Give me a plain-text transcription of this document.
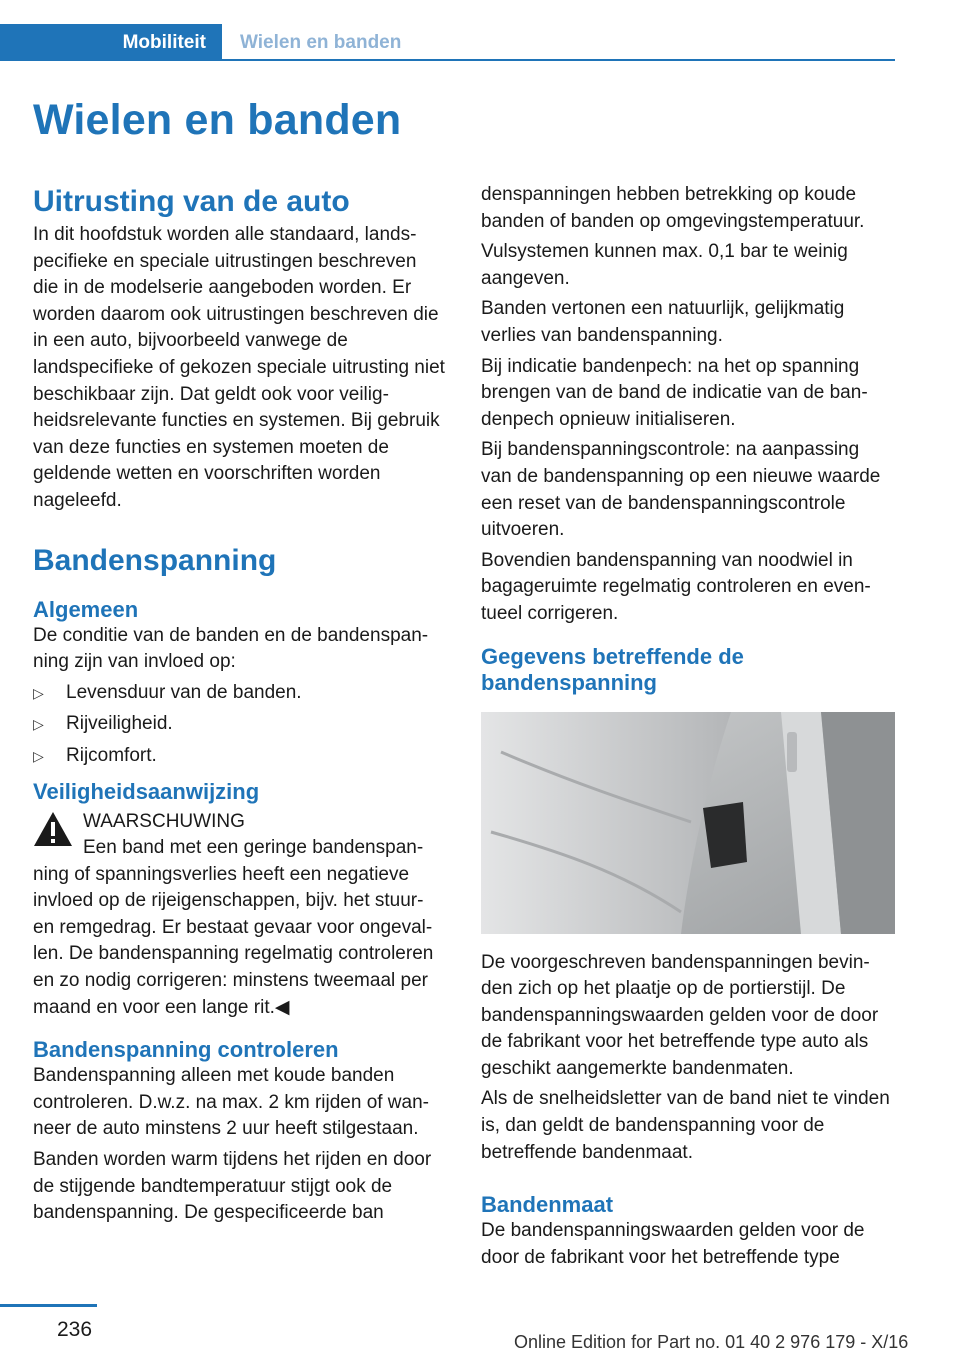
Mobiliteit	Wielen en banden
Wielen en banden
Uitrusting van de auto

In dit hoofdstuk worden alle standaard, landspecifieke en speciale uitrustingen beschreven die in de modelserie aangeboden worden. Er worden daarom ook uitrustingen beschreven die in een auto, bijvoorbeeld vanwege de landspecifieke of gekozen speciale uitrusting niet beschikbaar zijn. Dat geldt ook voor veiligheidsrelevante functies en systemen. Bij gebruik van deze functies en systemen moeten de geldende wetten en voorschriften worden nageleefd.

Bandenspanning
Algemeen

De conditie van de banden en de bandenspanning zijn van invloed op:

▷ Levensduur van de banden.
▷ Rijveiligheid.
▷ Rijcomfort.
Veiligheidsaanwijzing

WAARSCHUWING

Een band met een geringe bandenspanning of spanningsverlies heeft een negatieve invloed op de rijeigenschappen, bijv. het stuur- en remgedrag. Er bestaat gevaar voor ongevallen. De bandenspanning regelmatig controleren en zo nodig corrigeren: minstens tweemaal per maand en voor een lange rit.◀

Bandenspanning controleren

Bandenspanning alleen met koude banden controleren. D.w.z. na max. 2 km rijden of wanneer de auto minstens 2 uur heeft stilgestaan.

Banden worden warm tijdens het rijden en door de stijgende bandtemperatuur stijgt ook de bandenspanning. De gespecificeerde ban

denspanningen hebben betrekking op koude banden of banden op omgevingstemperatuur.

Vulsystemen kunnen max. 0,1 bar te weinig aangeven.

Banden vertonen een natuurlijk, gelijkmatig verlies van bandenspanning.

Bij indicatie bandenpech: na het op spanning brengen van de band de indicatie van de bandenpech opnieuw initialiseren.

Bij bandenspanningscontrole: na aanpassing van de bandenspanning op een nieuwe waarde een reset van de bandenspanningscontrole uitvoeren.

Bovendien bandenspanning van noodwiel in bagageruimte regelmatig controleren en eventueel corrigeren.

Gegevens betreffende de bandenspanning

De voorgeschreven bandenspanningen bevinden zich op het plaatje op de portierstijl. De bandenspanningswaarden gelden voor de door de fabrikant voor het betreffende type auto als geschikt aangemerkte bandenmaten.

Als de snelheidsletter van de band niet te vinden is, dan geldt de bandenspanning voor de betreffende bandenmaat.

Bandenmaat

De bandenspanningswaarden gelden voor de door de fabrikant voor het betreffende type

236
Online Edition for Part no. 01 40 2 976 179 - X/16
